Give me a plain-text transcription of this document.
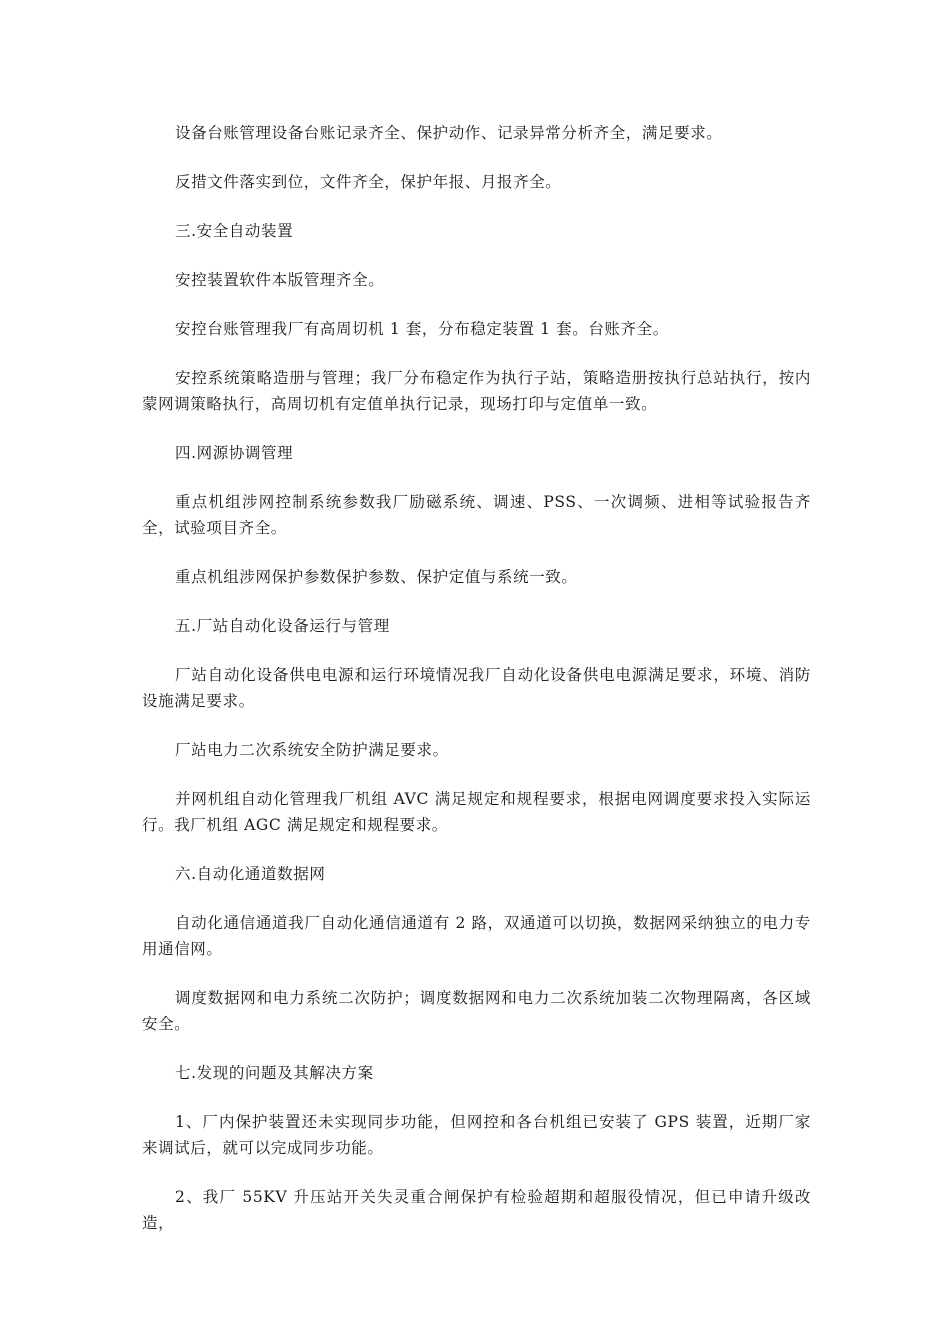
设备台账管理设备台账记录齐全、保护动作、记录异常分析齐全，满足要求。

反措文件落实到位，文件齐全，保护年报、月报齐全。

三.安全自动装置

安控装置软件本版管理齐全。

安控台账管理我厂有高周切机 1 套，分布稳定装置 1 套。台账齐全。

安控系统策略造册与管理；我厂分布稳定作为执行子站，策略造册按执行总站执行，按内蒙网调策略执行，高周切机有定值单执行记录，现场打印与定值单一致。

四.网源协调管理

重点机组涉网控制系统参数我厂励磁系统、调速、PSS、一次调频、进相等试验报告齐全，试验项目齐全。

重点机组涉网保护参数保护参数、保护定值与系统一致。

五.厂站自动化设备运行与管理

厂站自动化设备供电电源和运行环境情况我厂自动化设备供电电源满足要求，环境、消防设施满足要求。

厂站电力二次系统安全防护满足要求。

并网机组自动化管理我厂机组 AVC 满足规定和规程要求，根据电网调度要求投入实际运行。我厂机组 AGC 满足规定和规程要求。

六.自动化通道数据网

自动化通信通道我厂自动化通信通道有 2 路，双通道可以切换，数据网采纳独立的电力专用通信网。

调度数据网和电力系统二次防护；调度数据网和电力二次系统加装二次物理隔离，各区域安全。

七.发现的问题及其解决方案

1、厂内保护装置还未实现同步功能，但网控和各台机组已安装了 GPS 装置，近期厂家来调试后，就可以完成同步功能。

2、我厂 55KV 升压站开关失灵重合闸保护有检验超期和超服役情况，但已申请升级改造，
